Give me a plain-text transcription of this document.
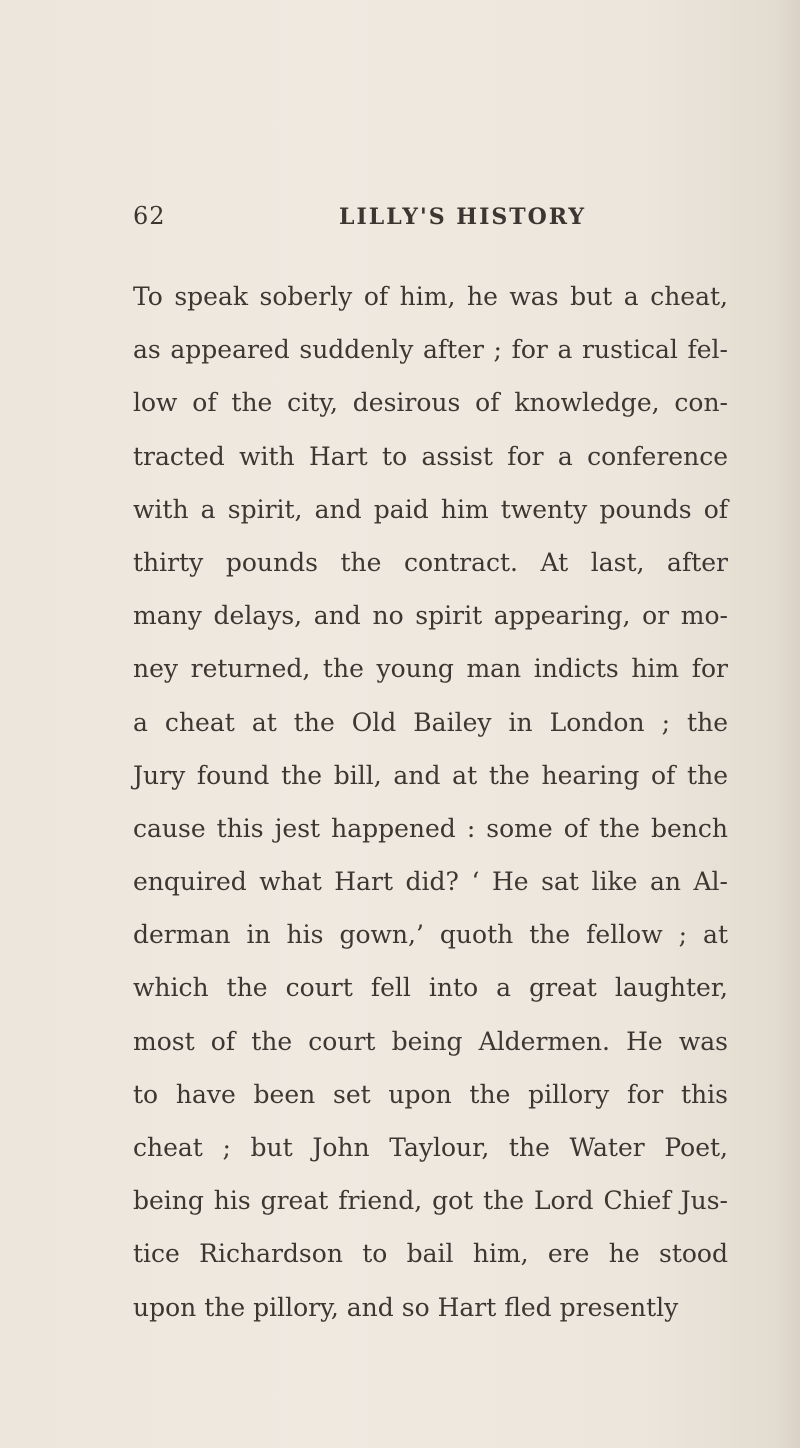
62	LILLY'S HISTORY
To speak soberly of him, he was but a cheat,
as appeared suddenly after ; for a rustical fel-
low of the city, desirous of knowledge, con-
tracted with Hart to assist for a conference
with a spirit, and paid him twenty pounds of
thirty pounds the contract. At last, after
many delays, and no spirit appearing, or mo-
ney returned, the young man indicts him for
a cheat at the Old Bailey in London ; the
Jury found the bill, and at the hearing of the
cause this jest happened : some of the bench
enquired what Hart did? ‘ He sat like an Al-
derman in his gown,’ quoth the fellow ; at
which the court fell into a great laughter,
most of the court being Aldermen. He was
to have been set upon the pillory for this
cheat ; but John Taylour, the Water Poet,
being his great friend, got the Lord Chief Jus-
tice Richardson to bail him, ere he stood
upon the pillory, and so Hart fled presently
